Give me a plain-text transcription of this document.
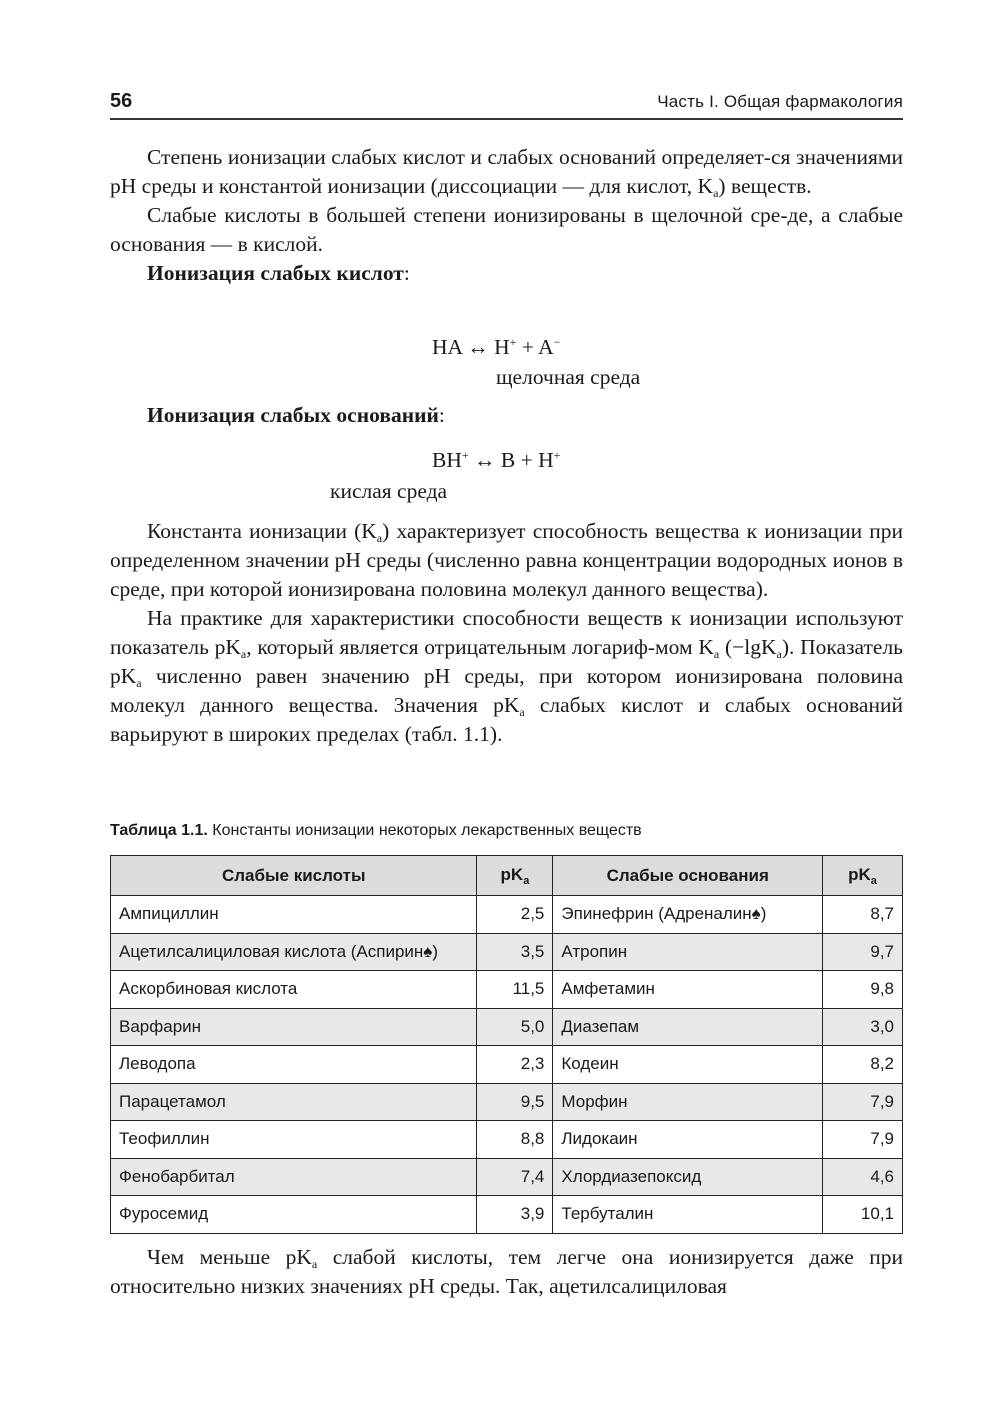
56	Часть I. Общая фармакология

Степень ионизации слабых кислот и слабых оснований определяет-ся значениями pH среды и константой ионизации (диссоциации — для кислот, $K_a$) веществ.

Слабые кислоты в большей степени ионизированы в щелочной сре-де, а слабые основания — в кислой.

Ионизация слабых кислот:

HA ↔ H+ + A−
щелочная среда
Ионизация слабых оснований:
BH+ ↔ B + H+
кислая среда

Константа ионизации $(K_a)$ характеризует способность вещества к ионизации при определенном значении pH среды (численно равна концентрации водородных ионов в среде, при которой ионизирована половина молекул данного вещества).

На практике для характеристики способности веществ к ионизации используют показатель $pK_a$, который является отрицательным логариф-мом $K_a$ (−lgK$_a$). Показатель $pK_a$ численно равен значению pH среды, при котором ионизирована половина молекул данного вещества. Значения $pK_a$ слабых кислот и слабых оснований варьируют в широких пределах (табл. 1.1).

Таблица 1.1. Константы ионизации некоторых лекарственных веществ
Слабые кислоты	$pK_a$	Слабые основания	$pK_a$
Ампициллин	2,5	Эпинефрин (Адреналин♠)	8,7
Ацетилсалициловая кислота (Аспирин♠)	3,5	Атропин	9,7
Аскорбиновая кислота	11,5	Амфетамин	9,8
Варфарин	5,0	Диазепам	3,0
Леводопа	2,3	Кодеин	8,2
Парацетамол	9,5	Морфин	7,9
Теофиллин	8,8	Лидокаин	7,9
Фенобарбитал	7,4	Хлордиазепоксид	4,6
Фуросемид	3,9	Тербуталин	10,1

Чем меньше $pK_a$ слабой кислоты, тем легче она ионизируется даже при относительно низких значениях pH среды. Так, ацетилсалициловая
